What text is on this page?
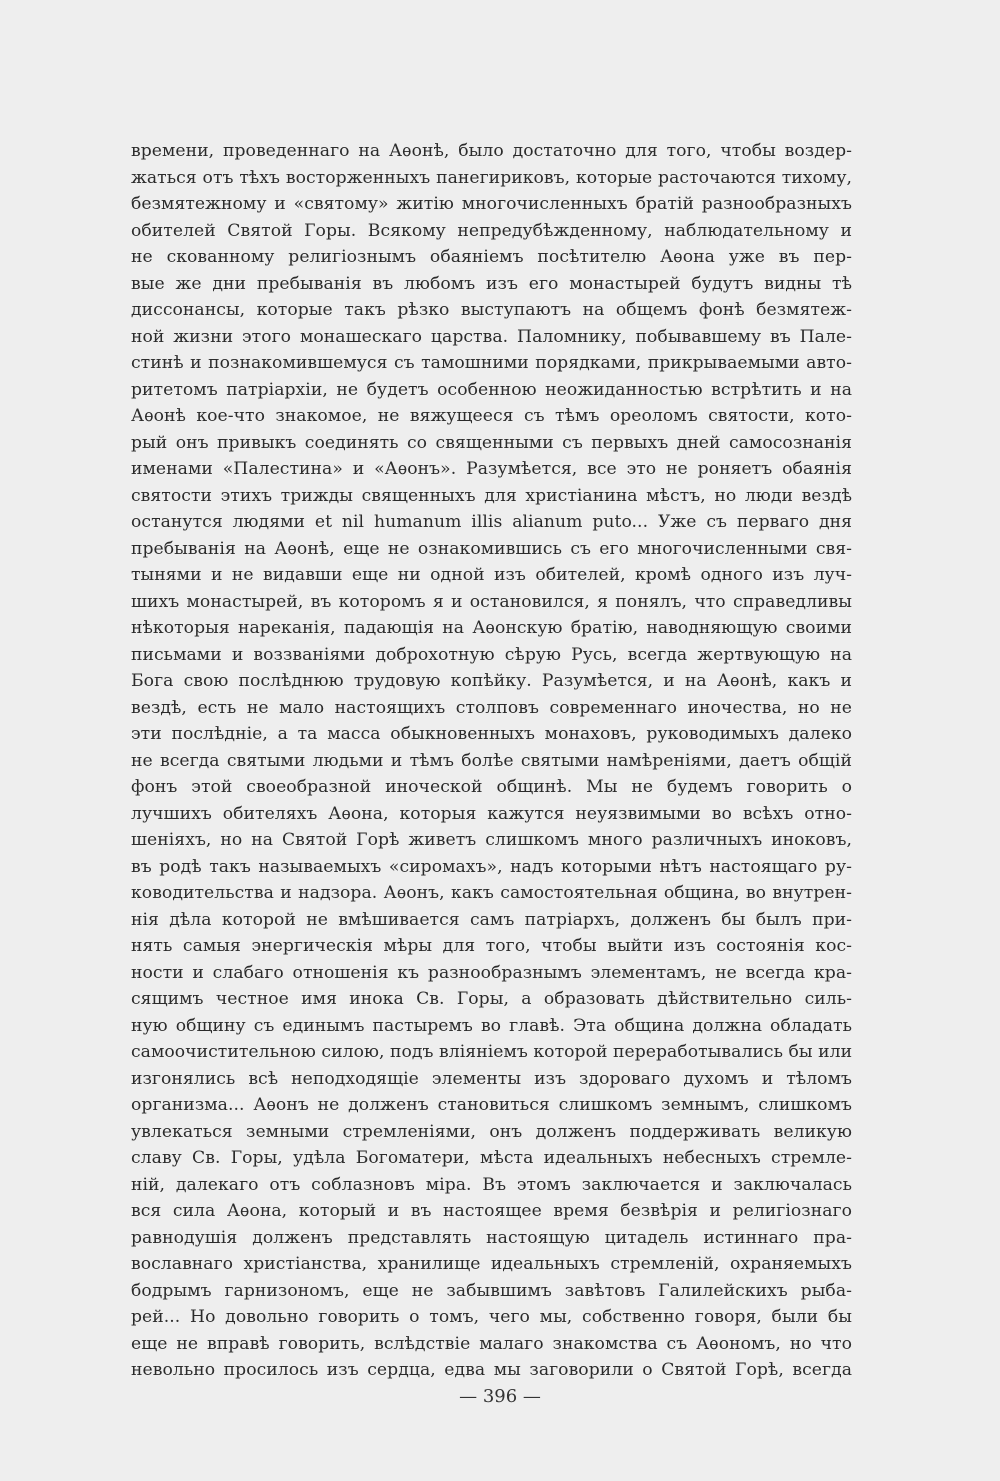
времени, проведеннаго на Аѳонѣ, было достаточно для того, чтобы воздер-
жаться отъ тѣхъ восторженныхъ панегириковъ, которые расточаются тихому,
безмятежному и «святому» житію многочисленныхъ братій разнообразныхъ
обителей Святой Горы. Всякому непредубѣжденному, наблюдательному и
не скованному религіознымъ обаяніемъ посѣтителю Аѳона уже въ пер-
вые же дни пребыванія въ любомъ изъ его монастырей будутъ видны тѣ
диссонансы, которые такъ рѣзко выступаютъ на общемъ фонѣ безмятеж-
ной жизни этого монашескаго царства. Паломнику, побывавшему въ Пале-
стинѣ и познакомившемуся съ тамошними порядками, прикрываемыми авто-
ритетомъ патріархіи, не будетъ особенною неожиданностью встрѣтить и на
Аѳонѣ кое-что знакомое, не вяжущееся съ тѣмъ ореоломъ святости, кото-
рый онъ привыкъ соединять со священными съ первыхъ дней самосознанія
именами «Палестина» и «Аѳонъ». Разумѣется, все это не роняетъ обаянія
святости этихъ трижды священныхъ для христіанина мѣстъ, но люди вездѣ
останутся людями et nil humanum illis alianum puto... Уже съ перваго дня
пребыванія на Аѳонѣ, еще не ознакомившись съ его многочисленными свя-
тынями и не видавши еще ни одной изъ обителей, кромѣ одного изъ луч-
шихъ монастырей, въ которомъ я и остановился, я понялъ, что справедливы
нѣкоторыя нареканія, падающія на Аѳонскую братію, наводняющую своими
письмами и воззваніями доброхотную сѣрую Русь, всегда жертвующую на
Бога свою послѣднюю трудовую копѣйку. Разумѣется, и на Аѳонѣ, какъ и
вездѣ, есть не мало настоящихъ столповъ современнаго иночества, но не
эти послѣдніе, а та масса обыкновенныхъ монаховъ, руководимыхъ далеко
не всегда святыми людьми и тѣмъ болѣе святыми намѣреніями, даетъ общій
фонъ этой своеобразной иноческой общинѣ. Мы не будемъ говорить о
лучшихъ обителяхъ Аѳона, которыя кажутся неуязвимыми во всѣхъ отно-
шеніяхъ, но на Святой Горѣ живетъ слишкомъ много различныхъ иноковъ,
въ родѣ такъ называемыхъ «сиромахъ», надъ которыми нѣтъ настоящаго ру-
ководительства и надзора. Аѳонъ, какъ самостоятельная община, во внутрен-
нія дѣла которой не вмѣшивается самъ патріархъ, долженъ бы былъ при-
нять самыя энергическія мѣры для того, чтобы выйти изъ состоянія кос-
ности и слабаго отношенія къ разнообразнымъ элементамъ, не всегда кра-
сящимъ честное имя инока Св. Горы, а образовать дѣйствительно силь-
ную общину съ единымъ пастыремъ во главѣ. Эта община должна обладать
самоочистительною силою, подъ вліяніемъ которой переработывались бы или
изгонялись всѣ неподходящіе элементы изъ здороваго духомъ и тѣломъ
организма... Аѳонъ не долженъ становиться слишкомъ земнымъ, слишкомъ
увлекаться земными стремленіями, онъ долженъ поддерживать великую
славу Св. Горы, удѣла Богоматери, мѣста идеальныхъ небесныхъ стремле-
ній, далекаго отъ соблазновъ міра. Въ этомъ заключается и заключалась
вся сила Аѳона, который и въ настоящее время безвѣрія и религіознаго
равнодушія долженъ представлять настоящую цитадель истиннаго пра-
вославнаго христіанства, хранилище идеальныхъ стремленій, охраняемыхъ
бодрымъ гарнизономъ, еще не забывшимъ завѣтовъ Галилейскихъ рыба-
рей... Но довольно говорить о томъ, чего мы, собственно говоря, были бы
еще не вправѣ говорить, вслѣдствіе малаго знакомства съ Аѳономъ, но что
невольно просилось изъ сердца, едва мы заговорили о Святой Горѣ, всегда
— 396 —
